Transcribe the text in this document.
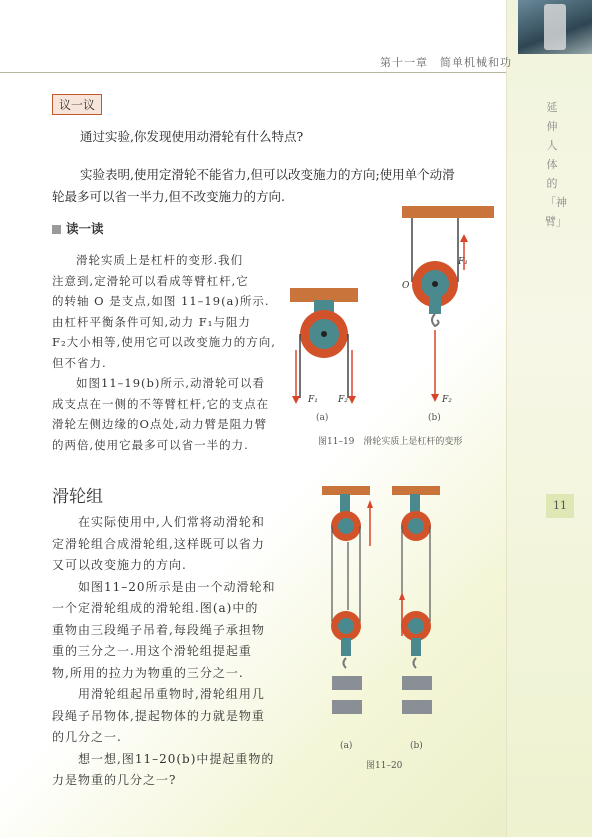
第十一章　简单机械和功
延伸人体的「神臂」
11
议一议
通过实验,你发现使用动滑轮有什么特点?
实验表明,使用定滑轮不能省力,但可以改变施力的方向;使用单个动滑
轮最多可以省一半力,但不改变施力的方向.
读一读
滑轮实质上是杠杆的变形.我们
注意到,定滑轮可以看成等臂杠杆,它
的转轴 O 是支点,如图 11–19(a)所示.
由杠杆平衡条件可知,动力 F₁与阻力
F₂大小相等,使用它可以改变施力的方向,
但不省力.
如图11–19(b)所示,动滑轮可以看
成支点在一侧的不等臂杠杆,它的支点在
滑轮左侧边缘的O点处,动力臂是阻力臂
的两倍,使用它最多可以省一半的力.
F₁ F₂
(a)
F₁
O
F₂
(b)
图11–19　滑轮实质上是杠杆的变形
滑轮组
在实际使用中,人们常将动滑轮和
定滑轮组合成滑轮组,这样既可以省力
又可以改变施力的方向.
如图11–20所示是由一个动滑轮和
一个定滑轮组成的滑轮组.图(a)中的
重物由三段绳子吊着,每段绳子承担物
重的三分之一.用这个滑轮组提起重
物,所用的拉力为物重的三分之一.
用滑轮组起吊重物时,滑轮组用几
段绳子吊物体,提起物体的力就是物重
的几分之一.
想一想,图11–20(b)中提起重物的
力是物重的几分之一?
(a)	(b)
图11–20
